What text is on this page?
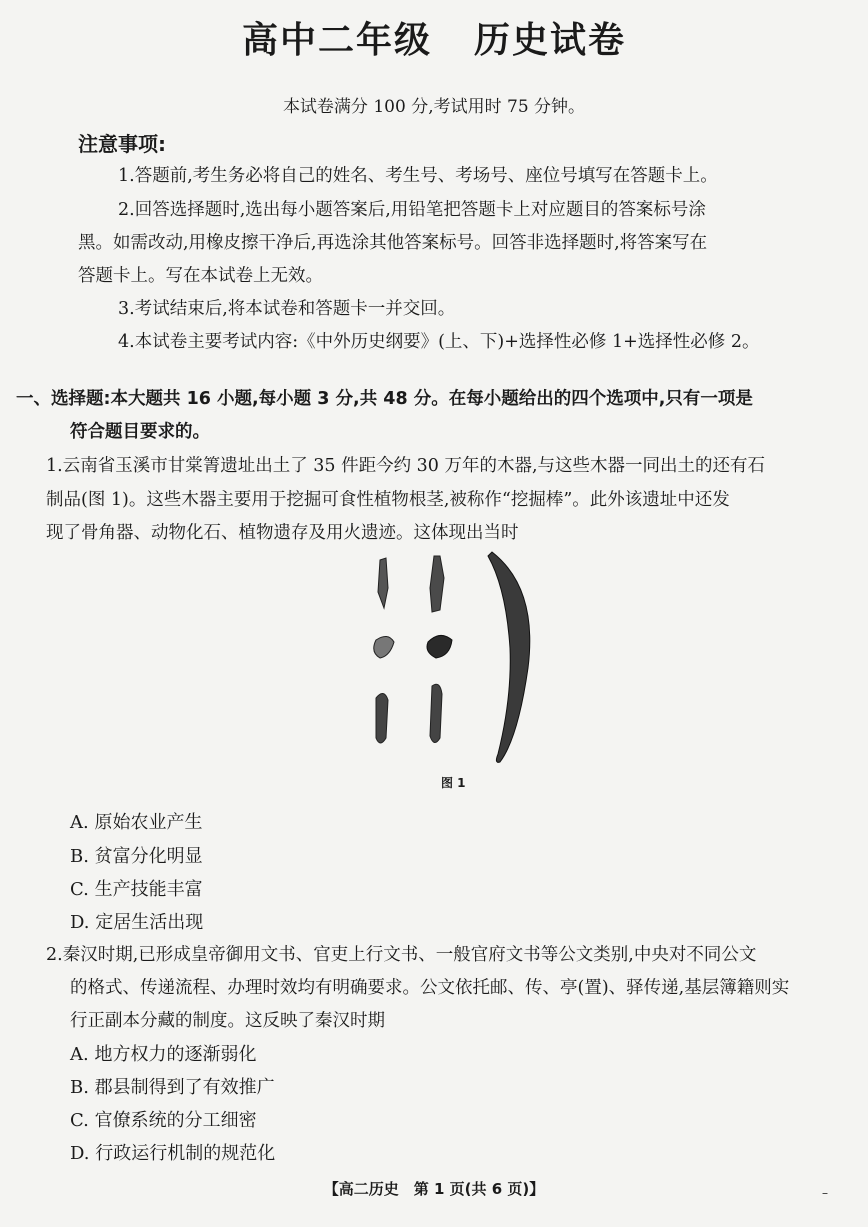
高中二年级 历史试卷
本试卷满分 100 分,考试用时 75 分钟。
注意事项:
1.答题前,考生务必将自己的姓名、考生号、考场号、座位号填写在答题卡上。
2.回答选择题时,选出每小题答案后,用铅笔把答题卡上对应题目的答案标号涂
黑。如需改动,用橡皮擦干净后,再选涂其他答案标号。回答非选择题时,将答案写在
答题卡上。写在本试卷上无效。
3.考试结束后,将本试卷和答题卡一并交回。
4.本试卷主要考试内容:《中外历史纲要》(上、下)+选择性必修 1+选择性必修 2。
一、选择题:本大题共 16 小题,每小题 3 分,共 48 分。在每小题给出的四个选项中,只有一项是
符合题目要求的。
1.云南省玉溪市甘棠箐遗址出土了 35 件距今约 30 万年的木器,与这些木器一同出土的还有石
制品(图 1)。这些木器主要用于挖掘可食性植物根茎,被称作“挖掘棒”。此外该遗址中还发
现了骨角器、动物化石、植物遗存及用火遗迹。这体现出当时
图 1
A. 原始农业产生
B. 贫富分化明显
C. 生产技能丰富
D. 定居生活出现
2.秦汉时期,已形成皇帝御用文书、官吏上行文书、一般官府文书等公文类别,中央对不同公文
的格式、传递流程、办理时效均有明确要求。公文依托邮、传、亭(置)、驿传递,基层簿籍则实
行正副本分藏的制度。这反映了秦汉时期
A. 地方权力的逐渐弱化
B. 郡县制得到了有效推广
C. 官僚系统的分工细密
D. 行政运行机制的规范化
【高二历史　第 1 页(共 6 页)】	–
